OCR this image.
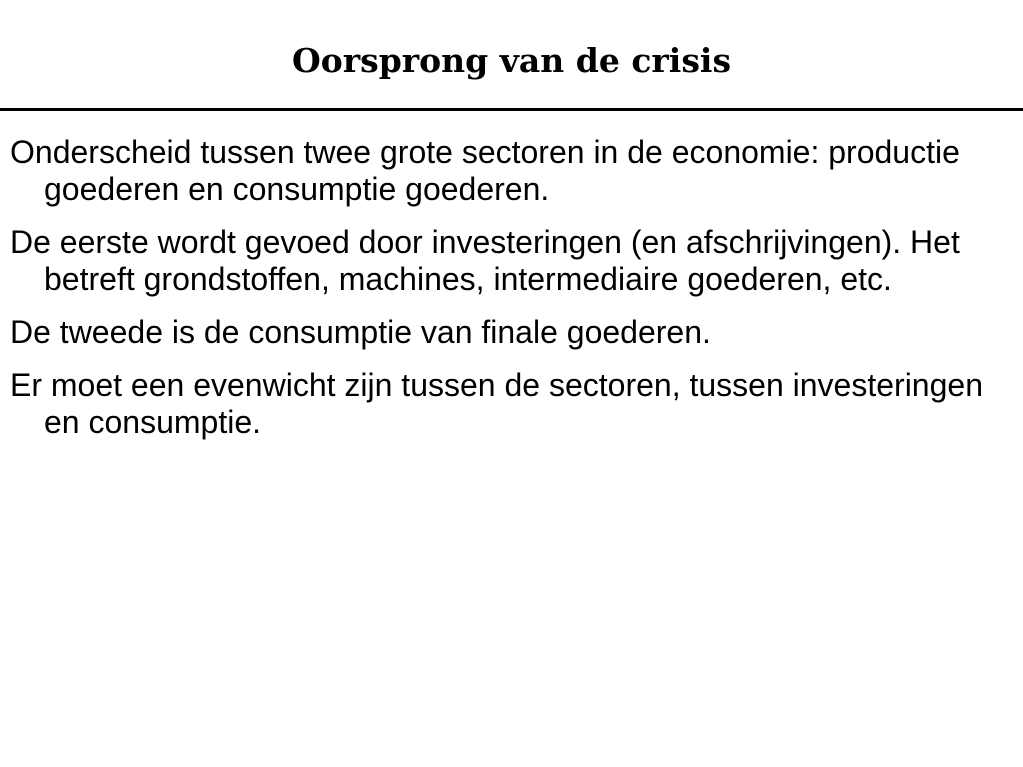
Oorsprong van de crisis

Onderscheid tussen twee grote sectoren in de economie: productie goederen en consumptie goederen.

De eerste wordt gevoed door investeringen (en afschrijvingen). Het betreft grondstoffen, machines, intermediaire goederen, etc.

De tweede is de consumptie van finale goederen.

Er moet een evenwicht zijn tussen de sectoren, tussen investeringen en consumptie.
